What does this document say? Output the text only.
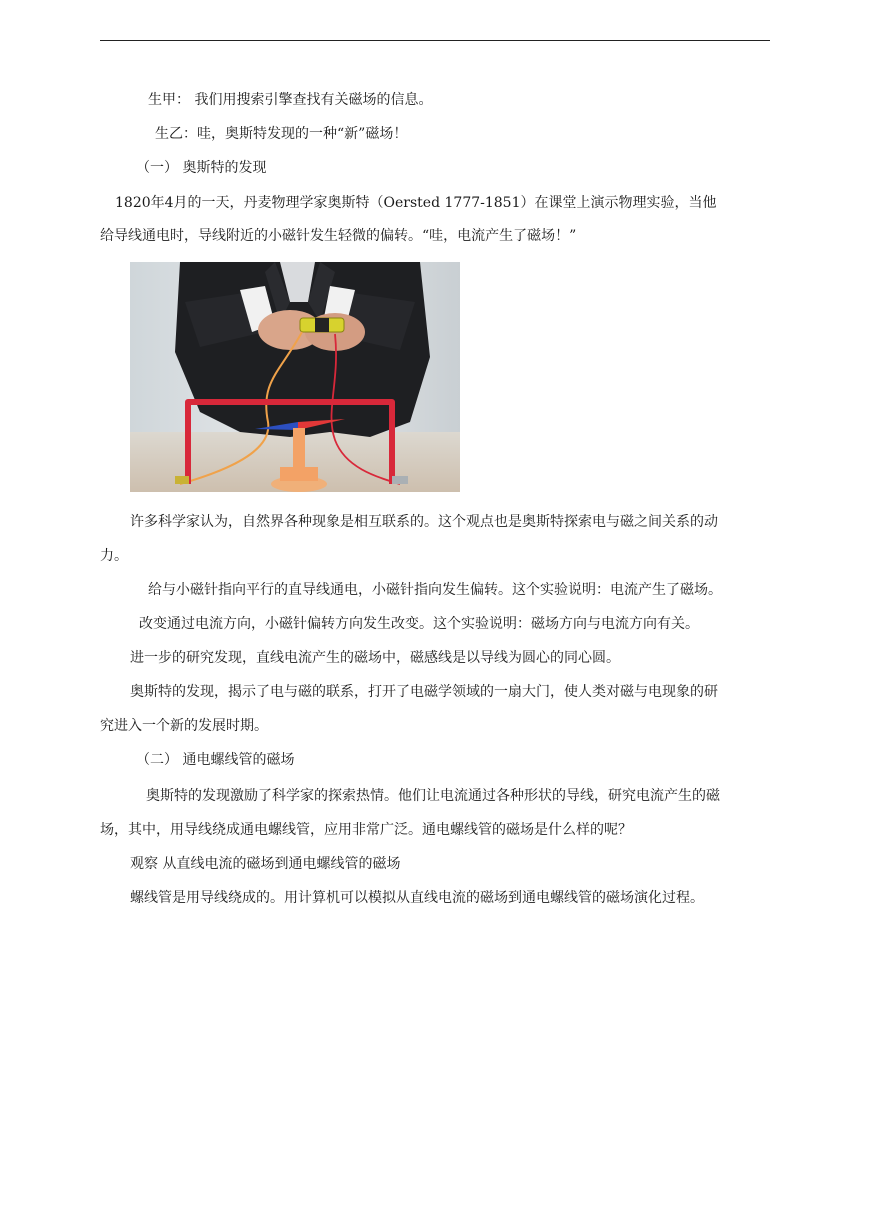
生甲： 我们用搜索引擎查找有关磁场的信息。
生乙：哇，奥斯特发现的一种“新”磁场！
（一） 奥斯特的发现
1820年4月的一天，丹麦物理学家奥斯特（Oersted 1777-1851）在课堂上演示物理实验，当他
给导线通电时，导线附近的小磁针发生轻微的偏转。“哇，电流产生了磁场！”
许多科学家认为，自然界各种现象是相互联系的。这个观点也是奥斯特探索电与磁之间关系的动
力。
给与小磁针指向平行的直导线通电，小磁针指向发生偏转。这个实验说明：电流产生了磁场。
改变通过电流方向，小磁针偏转方向发生改变。这个实验说明：磁场方向与电流方向有关。
进一步的研究发现，直线电流产生的磁场中，磁感线是以导线为圆心的同心圆。
奥斯特的发现，揭示了电与磁的联系，打开了电磁学领域的一扇大门，使人类对磁与电现象的研
究进入一个新的发展时期。
（二） 通电螺线管的磁场
奥斯特的发现激励了科学家的探索热情。他们让电流通过各种形状的导线，研究电流产生的磁
场，其中，用导线绕成通电螺线管，应用非常广泛。通电螺线管的磁场是什么样的呢？
观察 从直线电流的磁场到通电螺线管的磁场
螺线管是用导线绕成的。用计算机可以模拟从直线电流的磁场到通电螺线管的磁场演化过程。
